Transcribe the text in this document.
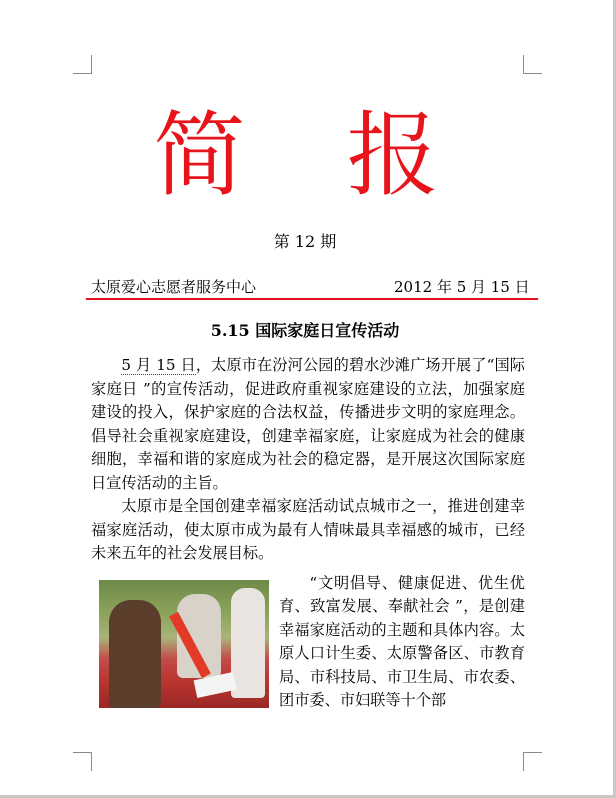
简 报
第 12 期
太原爱心志愿者服务中心	2012 年 5 月 15 日
5.15 国际家庭日宣传活动

5 月 15 日，太原市在汾河公园的碧水沙滩广场开展了“国际家庭日 ”的宣传活动，促进政府重视家庭建设的立法，加强家庭建设的投入，保护家庭的合法权益，传播进步文明的家庭理念。倡导社会重视家庭建设，创建幸福家庭，让家庭成为社会的健康细胞，幸福和谐的家庭成为社会的稳定器，是开展这次国际家庭日宣传活动的主旨。

太原市是全国创建幸福家庭活动试点城市之一，推进创建幸福家庭活动，使太原市成为最有人情味最具幸福感的城市，已经未来五年的社会发展目标。

“文明倡导、健康促进、优生优育、致富发展、奉献社会 ”，是创建幸福家庭活动的主题和具体内容。太原人口计生委、太原警备区、市教育局、市科技局、市卫生局、市农委、团市委、市妇联等十个部
